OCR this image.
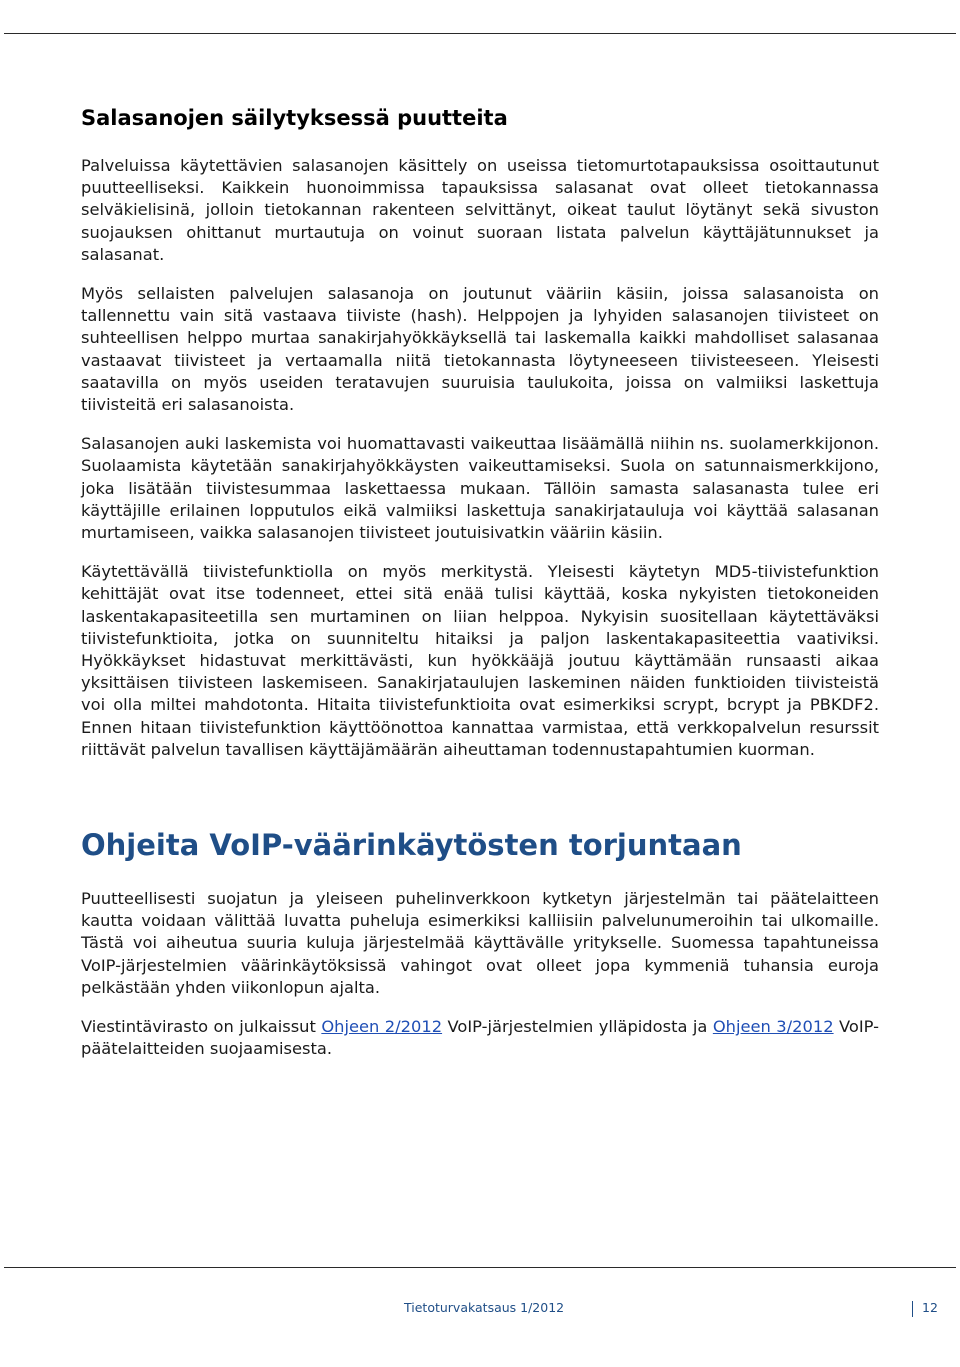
Salasanojen säilytyksessä puutteita

Palveluissa käytettävien salasanojen käsittely on useissa tietomurtotapauksissa osoittautunut puutteelliseksi. Kaikkein huonoimmissa tapauksissa salasanat ovat olleet tietokannassa selväkielisinä, jolloin tietokannan rakenteen selvittänyt, oikeat taulut löytänyt sekä sivuston suojauksen ohittanut murtautuja on voinut suoraan listata palvelun käyttäjätunnukset ja salasanat.

Myös sellaisten palvelujen salasanoja on joutunut vääriin käsiin, joissa salasanoista on tallennettu vain sitä vastaava tiiviste (hash). Helppojen ja lyhyiden salasanojen tiivisteet on suhteellisen helppo murtaa sanakirjahyökkäyksellä tai laskemalla kaikki mahdolliset salasanaa vastaavat tiivisteet ja vertaamalla niitä tietokannasta löytyneeseen tiivisteeseen. Yleisesti saatavilla on myös useiden teratavujen suuruisia taulukoita, joissa on valmiiksi laskettuja tiivisteitä eri salasanoista.

Salasanojen auki laskemista voi huomattavasti vaikeuttaa lisäämällä niihin ns. suolamerkkijonon. Suolaamista käytetään sanakirjahyökkäysten vaikeuttamiseksi. Suola on satunnaismerkkijono, joka lisätään tiivistesummaa laskettaessa mukaan. Tällöin samasta salasanasta tulee eri käyttäjille erilainen lopputulos eikä valmiiksi laskettuja sanakirjatauluja voi käyttää salasanan murtamiseen, vaikka salasanojen tiivisteet joutuisivatkin vääriin käsiin.

Käytettävällä tiivistefunktiolla on myös merkitystä. Yleisesti käytetyn MD5-tiivistefunktion kehittäjät ovat itse todenneet, ettei sitä enää tulisi käyttää, koska nykyisten tietokoneiden laskentakapasiteetilla sen murtaminen on liian helppoa. Nykyisin suositellaan käytettäväksi tiivistefunktioita, jotka on suunniteltu hitaiksi ja paljon laskentakapasiteettia vaativiksi. Hyökkäykset hidastuvat merkittävästi, kun hyökkääjä joutuu käyttämään runsaasti aikaa yksittäisen tiivisteen laskemiseen. Sanakirjataulujen laskeminen näiden funktioiden tiivisteistä voi olla miltei mahdotonta. Hitaita tiivistefunktioita ovat esimerkiksi scrypt, bcrypt ja PBKDF2. Ennen hitaan tiivistefunktion käyttöönottoa kannattaa varmistaa, että verkkopalvelun resurssit riittävät palvelun tavallisen käyttäjämäärän aiheuttaman todennustapahtumien kuorman.

Ohjeita VoIP-väärinkäytösten torjuntaan

Puutteellisesti suojatun ja yleiseen puhelinverkkoon kytketyn järjestelmän tai päätelaitteen kautta voidaan välittää luvatta puheluja esimerkiksi kalliisiin palvelunumeroihin tai ulkomaille. Tästä voi aiheutua suuria kuluja järjestelmää käyttävälle yritykselle. Suomessa tapahtuneissa VoIP-järjestelmien väärinkäytöksissä vahingot ovat olleet jopa kymmeniä tuhansia euroja pelkästään yhden viikonlopun ajalta.

Viestintävirasto on julkaissut Ohjeen 2/2012 VoIP-järjestelmien ylläpidosta ja Ohjeen 3/2012 VoIP-päätelaitteiden suojaamisesta.

Tietoturvakatsaus 1/2012	12
